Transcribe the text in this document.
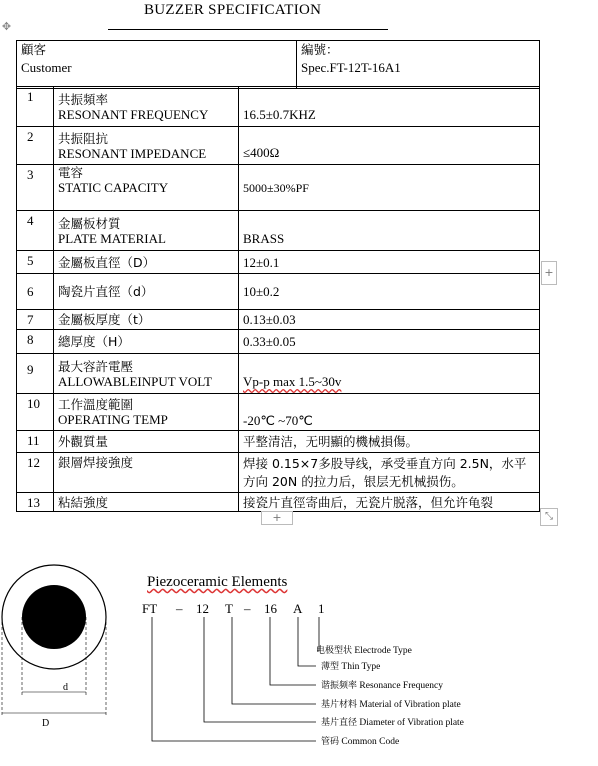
BUZZER SPECIFICATION
✥
顧客
Customer

編號：
Spec.FT-12T-16A1
1	共振頻率
RESONANT FREQUENCY	16.5±0.7KHZ
2	共振阻抗
RESONANT IMPEDANCE	≤400Ω
3	電容
STATIC CAPACITY	5000±30%PF
4	金屬板材質
PLATE MATERIAL	BRASS
5	金屬板直徑（D）	12±0.1
6	陶瓷片直徑（d）	10±0.2
7	金屬板厚度（t）	0.13±0.03
8	總厚度（H）	0.33±0.05
9	最大容許電壓
ALLOWABLEINPUT VOLT	Vp-p max 1.5~30v
10	工作溫度範圍
OPERATING TEMP	-20℃ ~70℃
11	外觀質量	平整清洁，无明顯的機械損傷。

12	銀層焊接強度	焊接 0.15×7多股导线，承受垂直方向 2.5N，水平方向 20N 的拉力后，银层无机械损伤。

13	粘結強度	接瓷片直徑寄曲后，无瓷片脱落，但允许龟裂
+
+	⤡
d
D
Piezoceramic Elements
FT – 12 T – 16 A 1
电极型状 Electrode Type
薄型 Thin Type
谐振频率 Resonance Frequency
基片材料 Material of Vibration plate
基片直径 Diameter of Vibration plate
管码 Common Code
